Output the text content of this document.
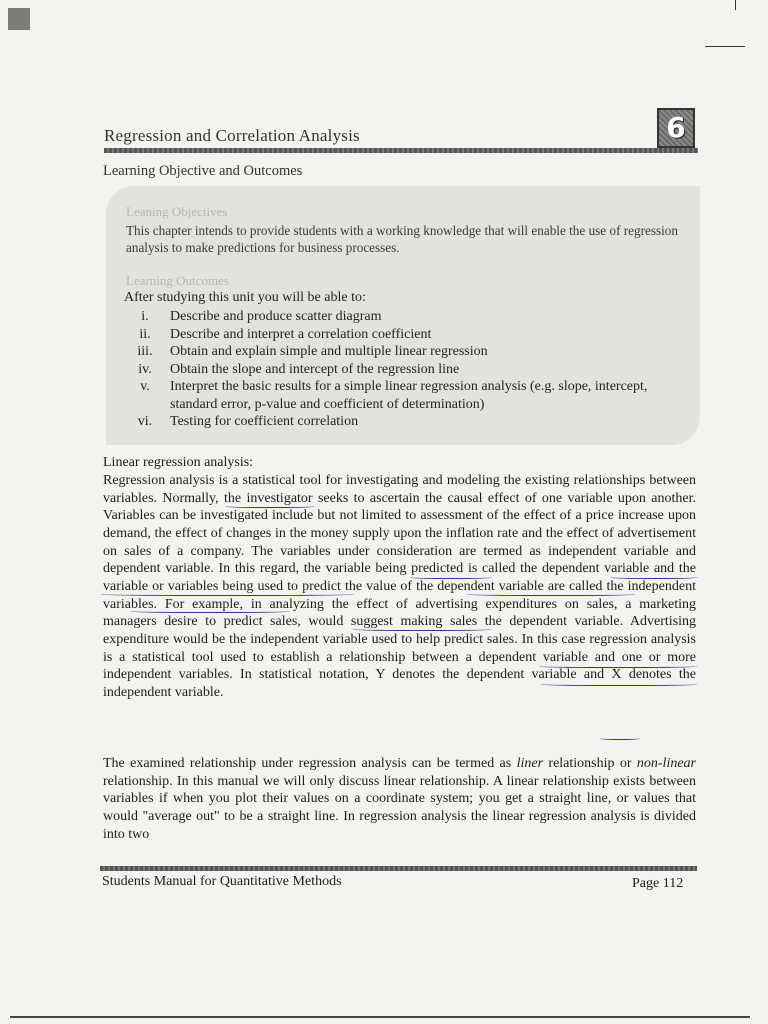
Regression and Correlation Analysis	6
Learning Objective and Outcomes
Leaning Objectives
This chapter intends to provide students with a working knowledge that will enable the use of regression analysis to make predictions for business processes.
Learning Outcomes
After studying this unit you will be able to:
i.	Describe and produce scatter diagram
ii.	Describe and interpret a correlation coefficient
iii.	Obtain and explain simple and multiple linear regression
iv.	Obtain the slope and intercept of the regression line
v.	Interpret the basic results for a simple linear regression analysis (e.g. slope, intercept, standard error, p-value and coefficient of determination)
vi.	Testing for coefficient correlation
Linear regression analysis:
Regression analysis is a statistical tool for investigating and modeling the existing relationships between variables. Normally, the investigator seeks to ascertain the causal effect of one variable upon another. Variables can be investigated include but not limited to assessment of the effect of a price increase upon demand, the effect of changes in the money supply upon the inflation rate and the effect of advertisement on sales of a company. The variables under consideration are termed as independent variable and dependent variable. In this regard, the variable being predicted is called the dependent variable and the variable or variables being used to predict the value of the dependent variable are called the independent variables. For example, in analyzing the effect of advertising expenditures on sales, a marketing managers desire to predict sales, would suggest making sales the dependent variable. Advertising expenditure would be the independent variable used to help predict sales. In this case regression analysis is a statistical tool used to establish a relationship between a dependent variable and one or more independent variables. In statistical notation, Y denotes the dependent variable and X denotes the independent variable.
The examined relationship under regression analysis can be termed as liner relationship or non-linear relationship. In this manual we will only discuss linear relationship. A linear relationship exists between variables if when you plot their values on a coordinate system; you get a straight line, or values that would "average out" to be a straight line. In regression analysis the linear regression analysis is divided into two
Students Manual for Quantitative Methods	Page 112
